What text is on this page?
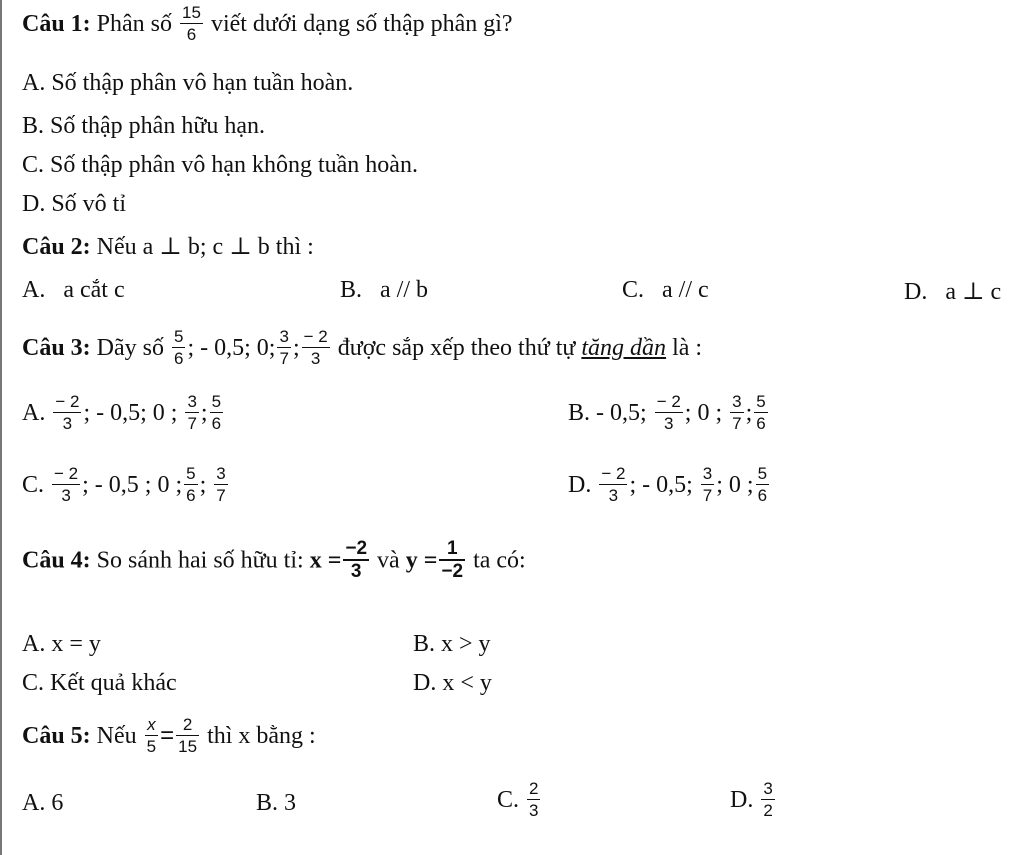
Câu 1: Phân số $\frac{15}{6}$ viết dưới dạng số thập phân gì?
A. Số thập phân vô hạn tuần hoàn.
B. Số thập phân hữu hạn.
C. Số thập phân vô hạn không tuần hoàn.
D. Số vô tỉ
Câu 2: Nếu a ⊥ b; c ⊥ b thì :
A.   a cắt c	B.   a // b	C.   a // c	D.   a ⊥ c
Câu 3: Dãy số $\frac{5}{6}$ ; - 0,5; 0; $\frac{3}{7}$ ; $\frac{- 2}{3}$ được sắp xếp theo thứ tự tăng dần là :
A. $\frac{- 2}{3}$ ; - 0,5; 0 ; $\frac{3}{7}$ ; $\frac{5}{6}$	B. - 0,5; $\frac{- 2}{3}$ ; 0 ; $\frac{3}{7}$ ; $\frac{5}{6}$
C. $\frac{- 2}{3}$ ; - 0,5 ; 0 ; $\frac{5}{6}$ ; $\frac{3}{7}$	D. $\frac{- 2}{3}$ ; - 0,5; $\frac{3}{7}$ ; 0 ; $\frac{5}{6}$
Câu 4: So sánh hai số hữu tỉ: $x = \frac{-2}{3}$ và $y = \frac{1}{-2}$ ta có:
A. x = y	B. x > y
C. Kết quả khác	D. x < y
Câu 5: Nếu $\frac{x}{5} = \frac{2}{15}$ thì x bằng :
A. 6	B. 3	C. $\frac{2}{3}$	D. $\frac{3}{2}$
